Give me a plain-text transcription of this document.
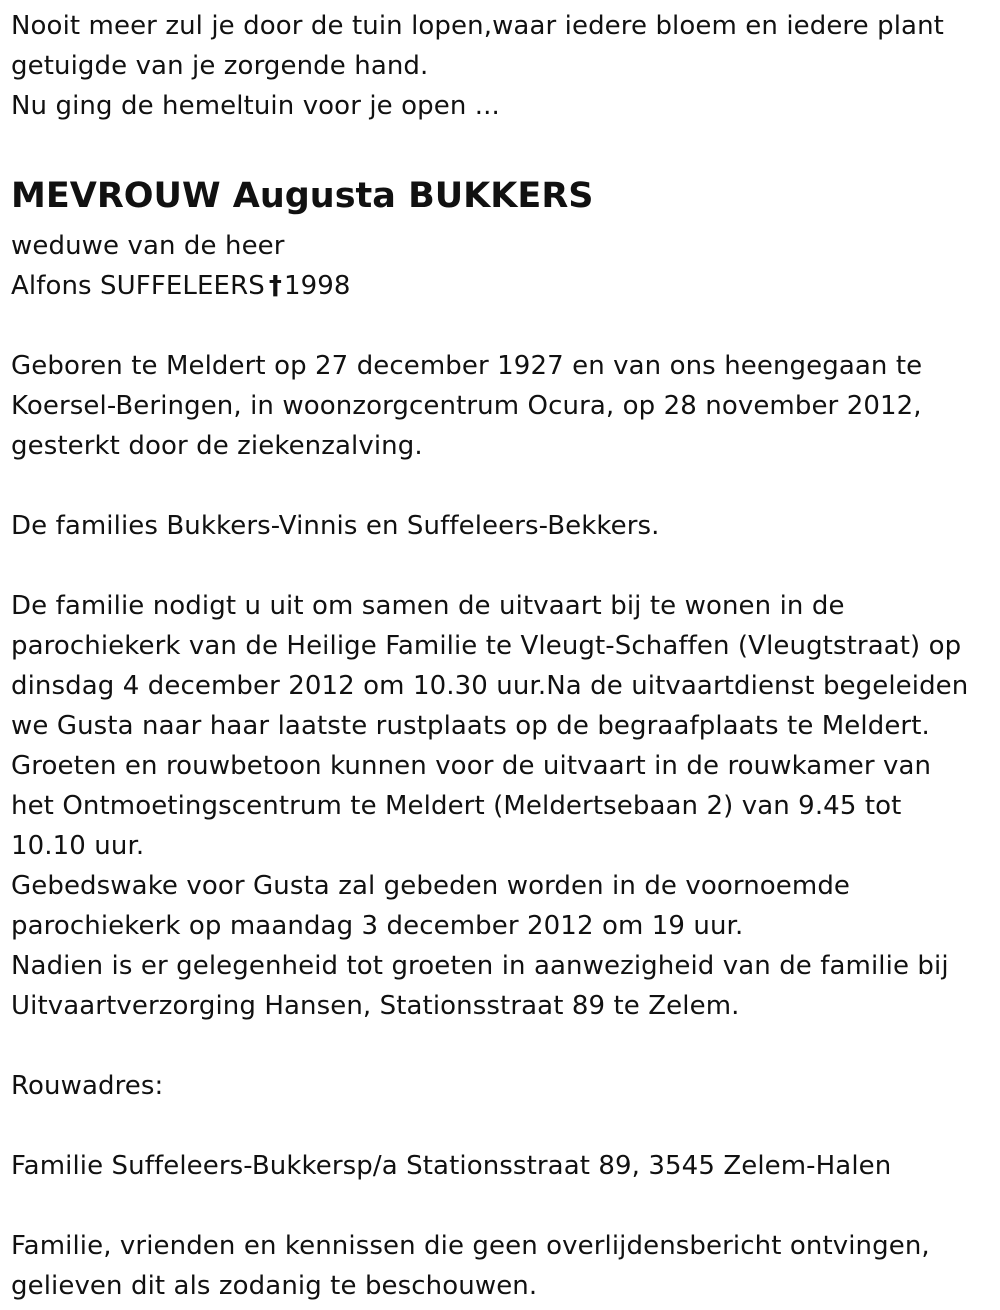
Nooit meer zul je door de tuin lopen,waar iedere bloem en iedere plant
getuigde van je zorgende hand.
Nu ging de hemeltuin voor je open ...
MEVROUW Augusta BUKKERS
weduwe van de heer
Alfons SUFFELEERS †1998
Geboren te Meldert op 27 december 1927 en van ons heengegaan te
Koersel-Beringen, in woonzorgcentrum Ocura, op 28 november 2012,
gesterkt door de ziekenzalving.
De families Bukkers-Vinnis en Suffeleers-Bekkers.
De familie nodigt u uit om samen de uitvaart bij te wonen in de
parochiekerk van de Heilige Familie te Vleugt-Schaffen (Vleugtstraat) op
dinsdag 4 december 2012 om 10.30 uur.Na de uitvaartdienst begeleiden
we Gusta naar haar laatste rustplaats op de begraafplaats te Meldert.
Groeten en rouwbetoon kunnen voor de uitvaart in de rouwkamer van
het Ontmoetingscentrum te Meldert (Meldertsebaan 2) van 9.45 tot
10.10 uur.
Gebedswake voor Gusta zal gebeden worden in de voornoemde
parochiekerk op maandag 3 december 2012 om 19 uur.
Nadien is er gelegenheid tot groeten in aanwezigheid van de familie bij
Uitvaartverzorging Hansen, Stationsstraat 89 te Zelem.
Rouwadres:
Familie Suffeleers-Bukkersp/a Stationsstraat 89, 3545 Zelem-Halen
Familie, vrienden en kennissen die geen overlijdensbericht ontvingen,
gelieven dit als zodanig te beschouwen.
